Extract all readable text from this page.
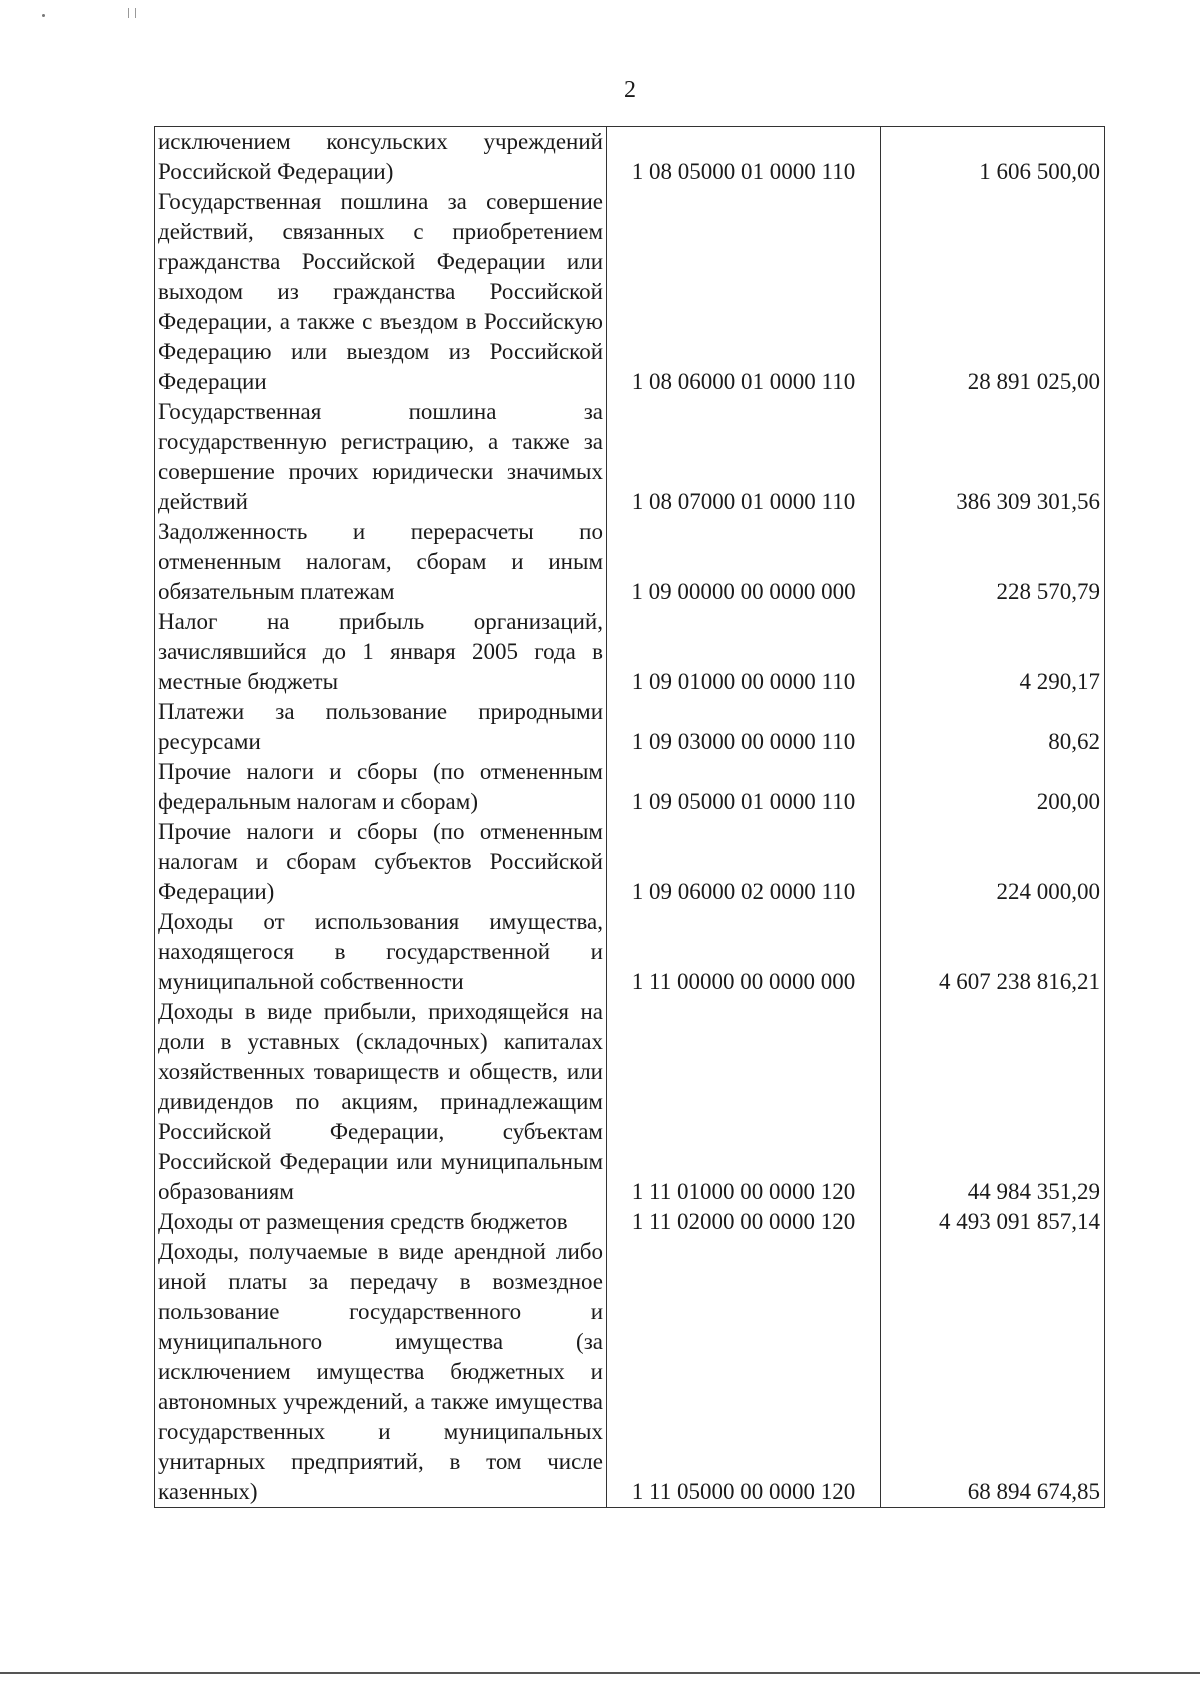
2
исключением консульских учреждений Российской Федерации)	1 08 05000 01 0000 110	1 606 500,00
Государственная пошлина за совершение действий, связанных с приобретением гражданства Российской Федерации или выходом из гражданства Российской Федерации, а также с въездом в Российскую Федерацию или выездом из Российской Федерации	1 08 06000 01 0000 110	28 891 025,00
Государственная пошлина за государственную регистрацию, а также за совершение прочих юридически значимых действий	1 08 07000 01 0000 110	386 309 301,56
Задолженность и перерасчеты по отмененным налогам, сборам и иным обязательным платежам	1 09 00000 00 0000 000	228 570,79
Налог на прибыль организаций, зачислявшийся до 1 января 2005 года в местные бюджеты	1 09 01000 00 0000 110	4 290,17
Платежи за пользование природными ресурсами	1 09 03000 00 0000 110	80,62
Прочие налоги и сборы (по отмененным федеральным налогам и сборам)	1 09 05000 01 0000 110	200,00
Прочие налоги и сборы (по отмененным налогам и сборам субъектов Российской Федерации)	1 09 06000 02 0000 110	224 000,00
Доходы от использования имущества, находящегося в государственной и муниципальной собственности	1 11 00000 00 0000 000	4 607 238 816,21
Доходы в виде прибыли, приходящейся на доли в уставных (складочных) капиталах хозяйственных товариществ и обществ, или дивидендов по акциям, принадлежащим Российской Федерации, субъектам Российской Федерации или муниципальным образованиям	1 11 01000 00 0000 120	44 984 351,29
Доходы от размещения средств бюджетов	1 11 02000 00 0000 120	4 493 091 857,14
Доходы, получаемые в виде арендной либо иной платы за передачу в возмездное пользование государственного и муниципального имущества (за исключением имущества бюджетных и автономных учреждений, а также имущества государственных и муниципальных унитарных предприятий, в том числе казенных)	1 11 05000 00 0000 120	68 894 674,85
